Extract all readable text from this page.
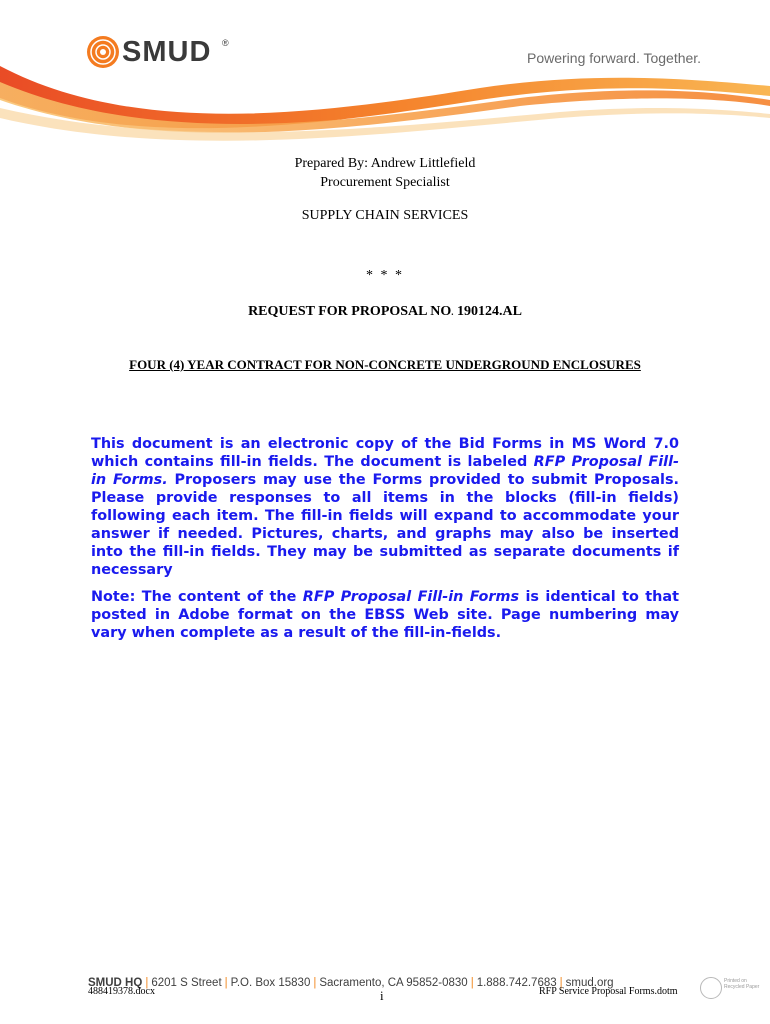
SMUD ®
Powering forward. Together.
Prepared By: Andrew Littlefield
Procurement Specialist
SUPPLY CHAIN SERVICES
* * *
REQUEST FOR PROPOSAL NO. 190124.AL
FOUR (4) YEAR CONTRACT FOR NON-CONCRETE UNDERGROUND ENCLOSURES
This document is an electronic copy of the Bid Forms in MS Word 7.0 which contains fill-in fields. The document is labeled RFP Proposal Fill-in Forms. Proposers may use the Forms provided to submit Proposals. Please provide responses to all items in the blocks (fill-in fields) following each item. The fill-in fields will expand to accommodate your answer if needed. Pictures, charts, and graphs may also be inserted into the fill-in fields. They may be submitted as separate documents if necessary
Note: The content of the RFP Proposal Fill-in Forms is identical to that posted in Adobe format on the EBSS Web site. Page numbering may vary when complete as a result of the fill-in-fields.
SMUD HQ | 6201 S Street | P.O. Box 15830 | Sacramento, CA 95852-0830 | 1.888.742.7683 | smud.org
488419378.docx	i	RFP Service Proposal Forms.dotm
Printed on Recycled Paper
